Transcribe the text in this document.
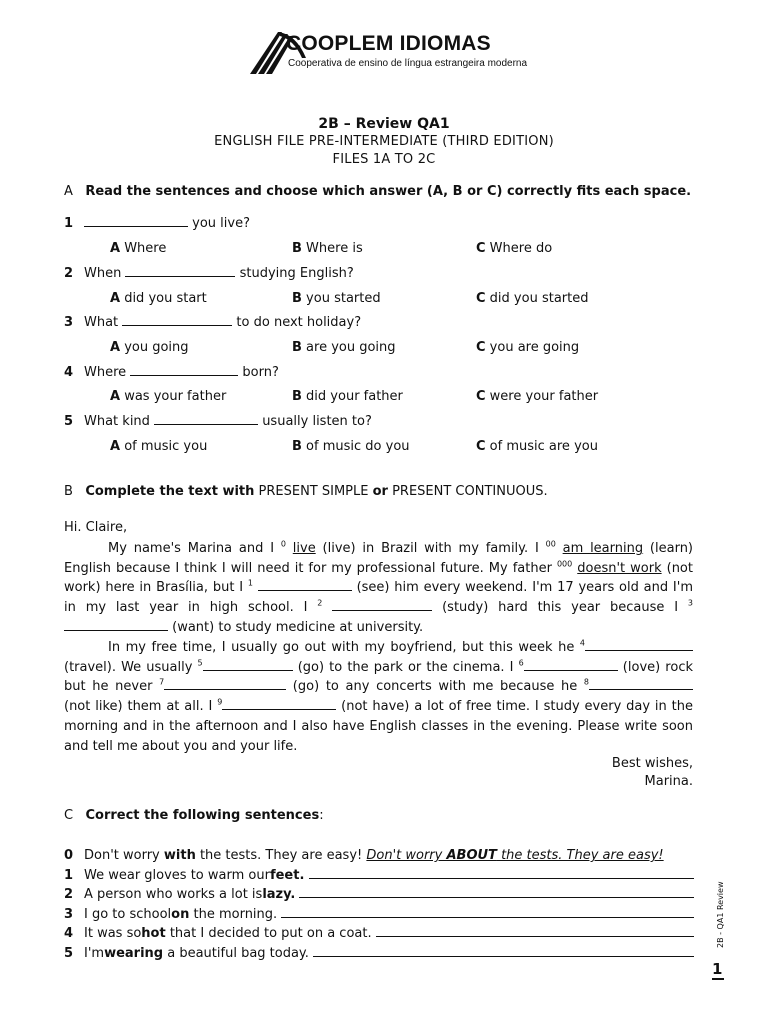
COOPLEM IDIOMAS
Cooperativa de ensino de língua estrangeira moderna
2B – Review QA1
ENGLISH FILE PRE-INTERMEDIATE (THIRD EDITION)
FILES 1A TO 2C
A Read the sentences and choose which answer (A, B or C) correctly fits each space.
1	you live?
A Where	B Where is	C Where do
2 When	studying English?
A did you start	B you started	C did you started
3 What	to do next holiday?
A you going	B are you going	C you are going
4 Where	born?
A was your father	B did your father	C were your father
5 What kind	usually listen to?
A of music you	B of music do you	C of music are you
B Complete the text with PRESENT SIMPLE or PRESENT CONTINUOUS.
Hi. Claire,
My name's Marina and I $^0$ live (live) in Brazil with my family. I $^{00}$ am learning (learn) English because I think I will need it for my professional future. My father $^{000}$ doesn't work (not work) here in Brasília, but I $^1$	(see) him every weekend. I'm 17 years old and I'm in my last year in high school. I $^2$	(study) hard this year because I $^3$  (want) to study medicine at university.
In my free time, I usually go out with my boyfriend, but this week he $^4$ (travel). We usually $^5$	(go) to the park or the cinema. I $^6$	(love) rock but he never $^7$	(go) to any concerts with me because he $^8$ (not like) them at all. I $^9$	(not have) a lot of free time. I study every day in the morning and in the afternoon and I also have English classes in the evening. Please write soon and tell me about you and your life.
Best wishes,
Marina.
C Correct the following sentences:
0 Don't worry with the tests. They are easy! Don't worry ABOUT the tests. They are easy!
1 We wear gloves to warm our feet.

2 A person who works a lot is lazy.

3 I go to school on the morning.
4 It was so hot that I decided to put on a coat.
5 I'm wearing a beautiful bag today.
2B - QA1 Review
1
